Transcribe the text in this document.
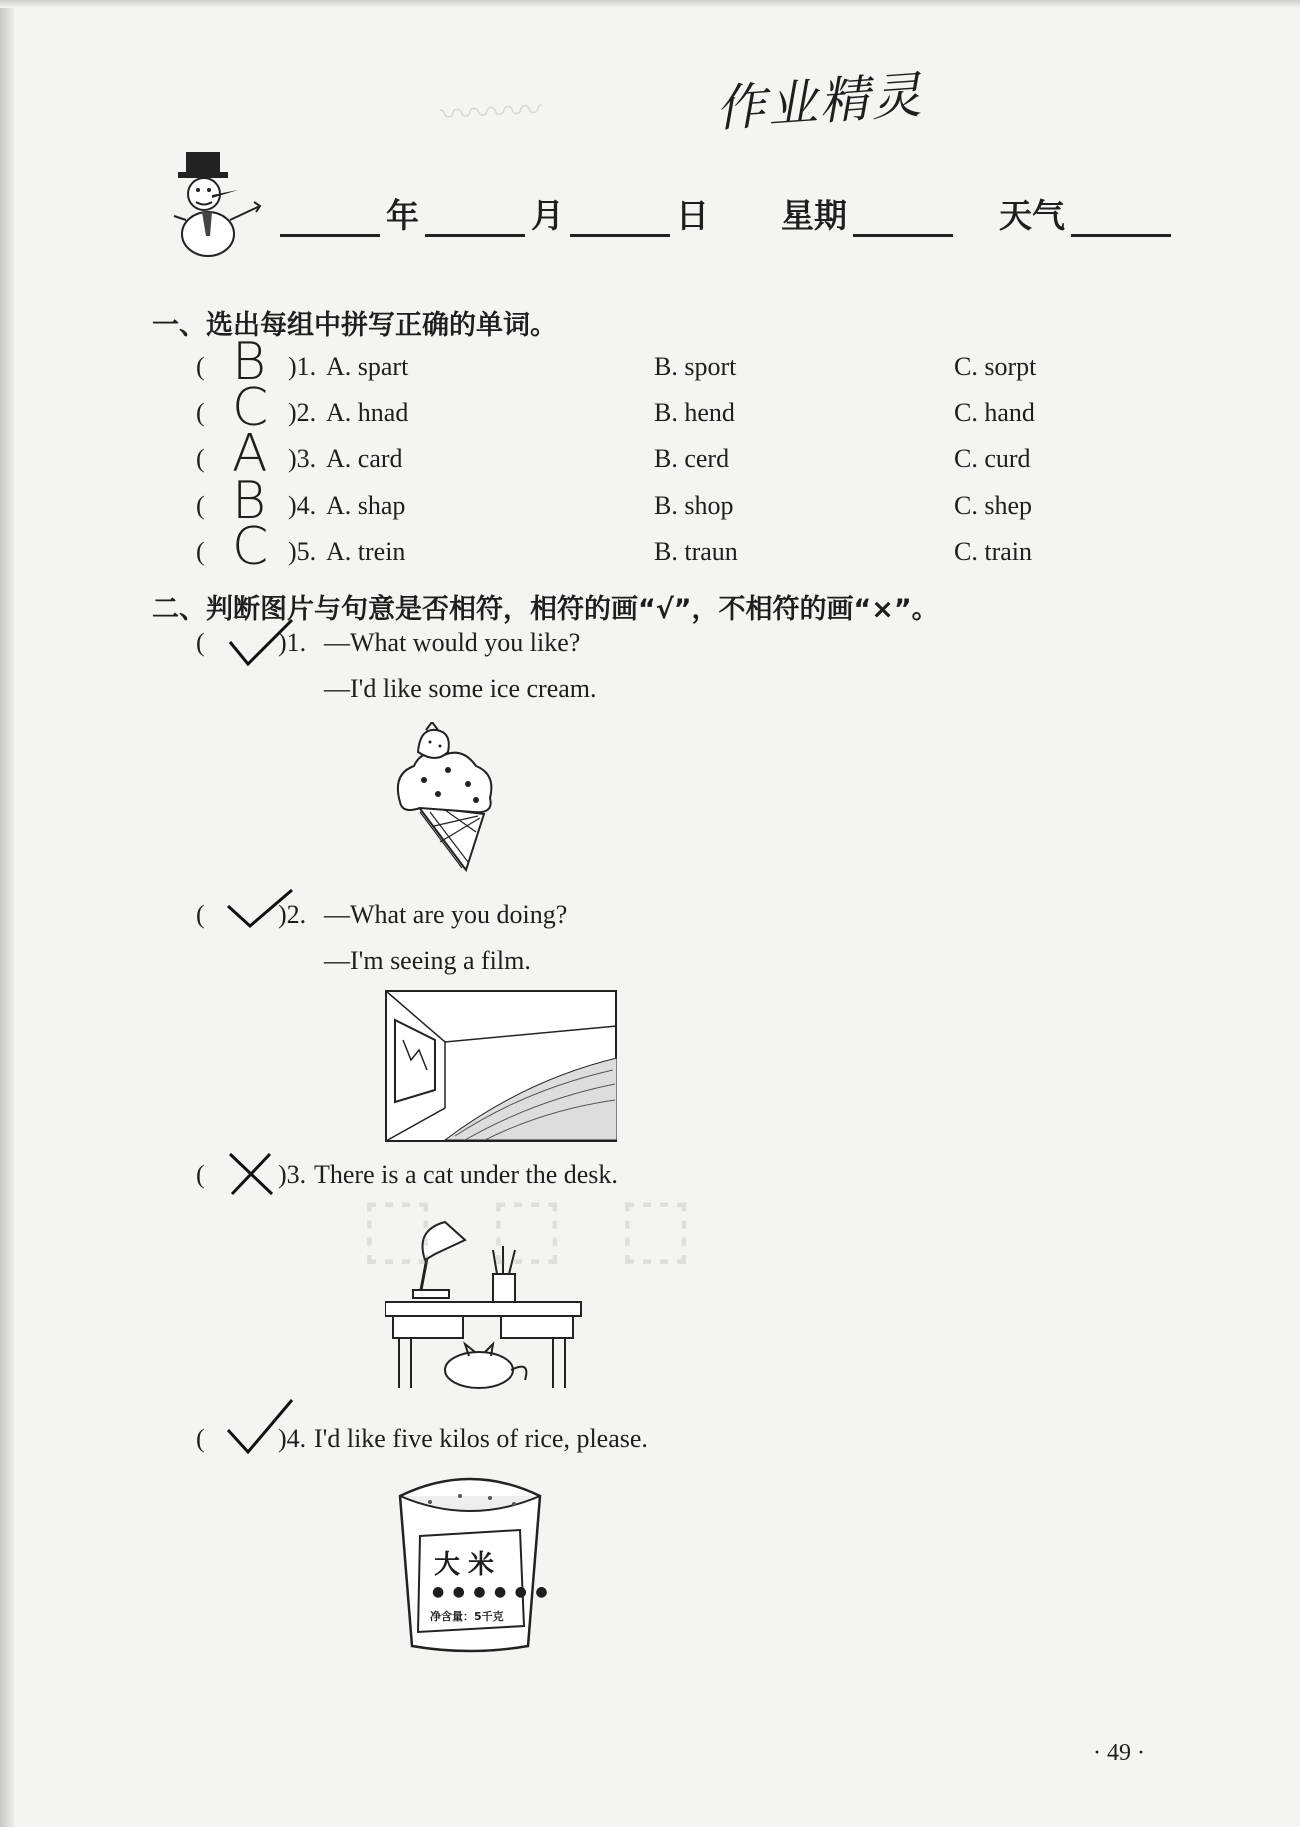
〰〰〰	作业精灵
年	月	日 星期	天气
一、选出每组中拼写正确的单词。
( B )1. A. spart	B. sport	C. sorpt
( C )2. A. hnad	B. hend	C. hand
( A )3. A. card	B. cerd	C. curd
( B )4. A. shap	B. shop	C. shep
( C )5. A. trein	B. traun	C. train
二、判断图片与句意是否相符，相符的画“√”，不相符的画“×”。
(	)1. —What would you like?
—I'd like some ice cream.
(	)2. —What are you doing?
—I'm seeing a film.
(	)3. There is a cat under the desk.
(	)4. I'd like five kilos of rice, please.
大米
● ● ● ● ● ●
净含量：5千克
⬚ ⬚ ⬚
· 49 ·
